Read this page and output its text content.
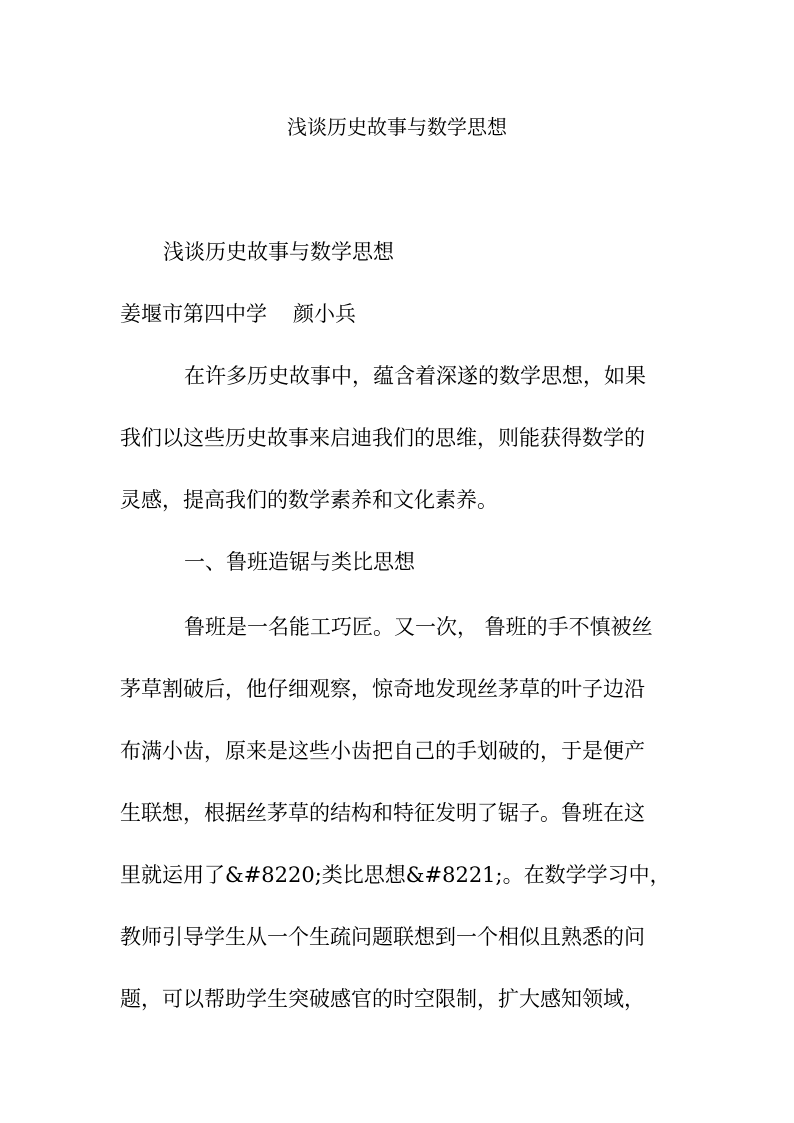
浅谈历史故事与数学思想
浅谈历史故事与数学思想
姜堰市第四中学 颜小兵
在许多历史故事中，蕴含着深遂的数学思想，如果
我们以这些历史故事来启迪我们的思维，则能获得数学的
灵感，提高我们的数学素养和文化素养。
一、鲁班造锯与类比思想
鲁班是一名能工巧匠。又一次， 鲁班的手不慎被丝
茅草割破后，他仔细观察，惊奇地发现丝茅草的叶子边沿
布满小齿，原来是这些小齿把自己的手划破的，于是便产
生联想，根据丝茅草的结构和特征发明了锯子。鲁班在这
里就运用了&#8220;类比思想&#8221;。在数学学习中，
教师引导学生从一个生疏问题联想到一个相似且熟悉的问
题，可以帮助学生突破感官的时空限制，扩大感知领域，
